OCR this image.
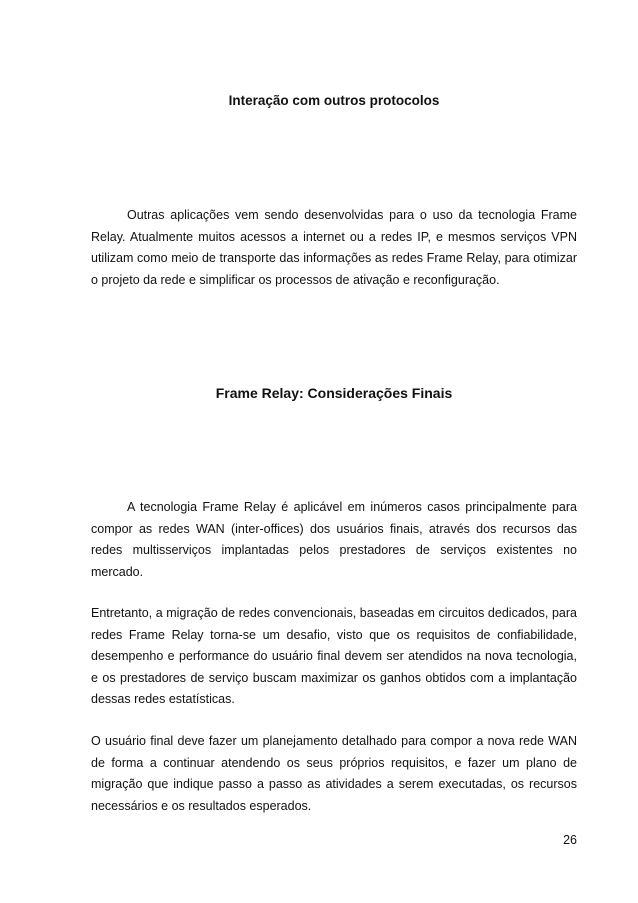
Interação com outros protocolos

Outras aplicações vem sendo desenvolvidas para o uso da tecnologia Frame Relay. Atualmente muitos acessos a internet ou a redes IP, e mesmos serviços VPN utilizam como meio de transporte das informações as redes Frame Relay, para otimizar o projeto da rede e simplificar os processos de ativação e reconfiguração.

Frame Relay: Considerações Finais

A tecnologia Frame Relay é aplicável em inúmeros casos principalmente para compor as redes WAN (inter-offices) dos usuários finais, através dos recursos das redes multisserviços implantadas pelos prestadores de serviços existentes no mercado.

Entretanto, a migração de redes convencionais, baseadas em circuitos dedicados, para redes Frame Relay torna-se um desafio, visto que os requisitos de confiabilidade, desempenho e performance do usuário final devem ser atendidos na nova tecnologia, e os prestadores de serviço buscam maximizar os ganhos obtidos com a implantação dessas redes estatísticas.

O usuário final deve fazer um planejamento detalhado para compor a nova rede WAN de forma a continuar atendendo os seus próprios requisitos, e fazer um plano de migração que indique passo a passo as atividades a serem executadas, os recursos necessários e os resultados esperados.

26
